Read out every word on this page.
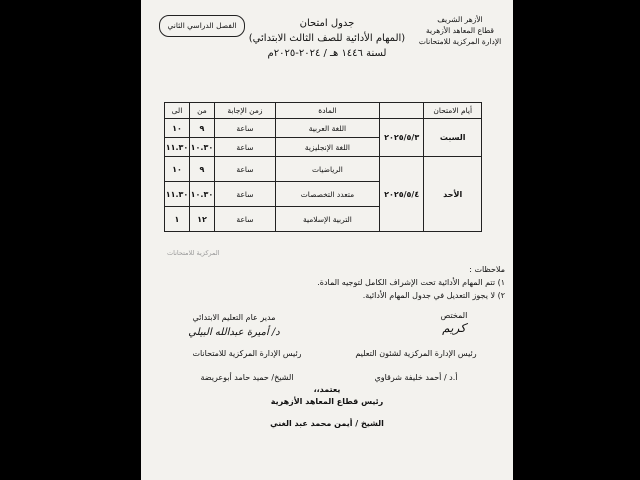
الأزهر الشريف
قطاع المعاهد الأزهرية
الإدارة المركزية للامتحانات
الفصل الدراسي الثاني	جدول امتحان
(المهام الأدائية للصف الثالث الابتدائي)
لسنة ١٤٤٦ هـ / ٢٠٢٤-٢٠٢٥م
أيام الامتحان		المادة	زمن الإجابة	من	الى
السبت	٢٠٢٥/٥/٣	اللغة العربية	ساعة	٩	١٠
		اللغة الإنجليزية	ساعة	١٠.٣٠	١١.٣٠
الأحد	٢٠٢٥/٥/٤	الرياضيات	ساعة	٩	١٠
		متعدد التخصصات	ساعة	١٠.٣٠	١١.٣٠
		التربية الإسلامية	ساعة	١٢	١
المركزية للامتحانات
ملاحظات :
١) تتم المهام الأدائية تحت الإشراف الكامل لتوجيه المادة.
٢) لا يجوز التعديل في جدول المهام الأدائية.
المختص
كريم
مدير عام التعليم الابتدائي
د/ أميرة عبدالله البيلي
رئيس الإدارة المركزية لشئون التعليم
أ.د / أحمد خليفة شرقاوي
رئيس الإدارة المركزية للامتحانات
الشيخ/ حميد حامد أبوعريضة
يعتمد،،
رئيس قطاع المعاهد الأزهرية
الشيخ / أيمن محمد عبد الغني
